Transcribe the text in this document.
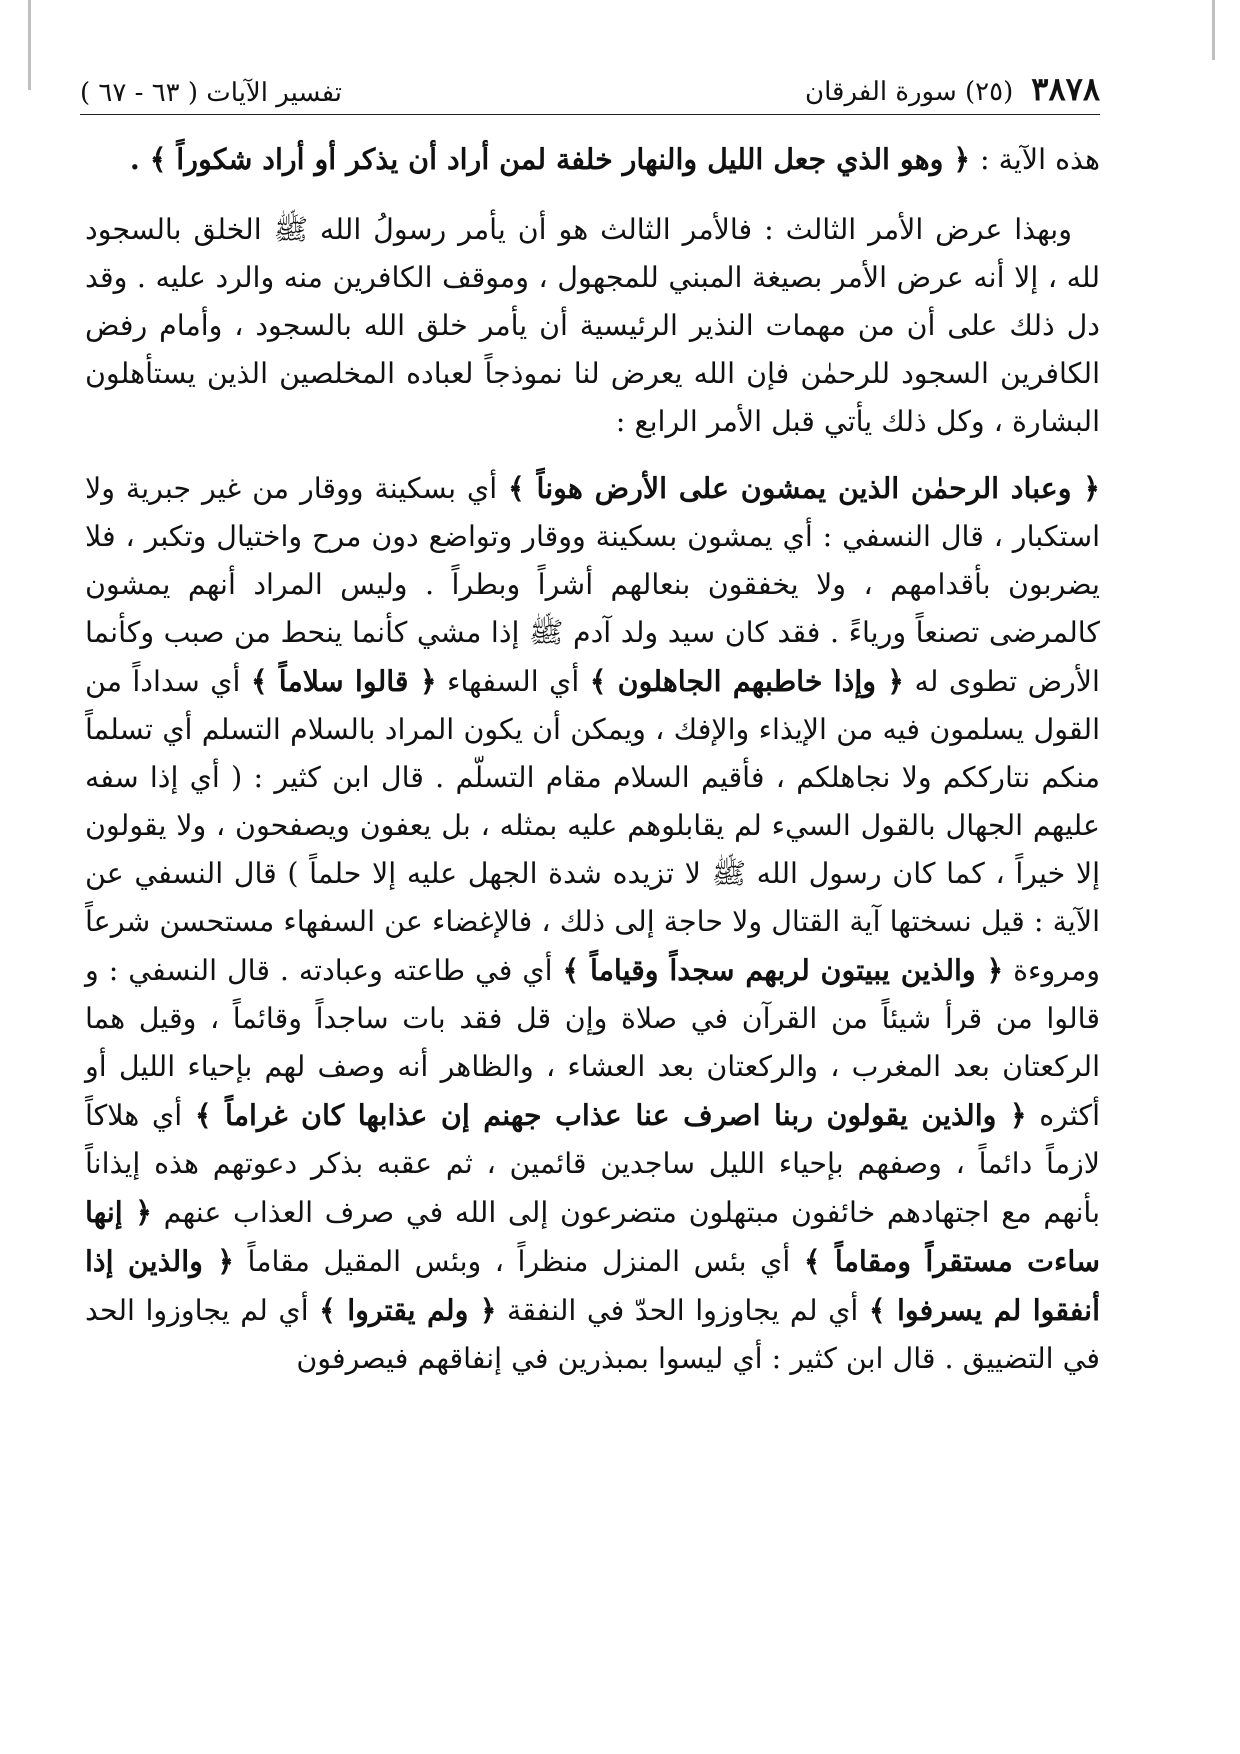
٣٨٧٨
(٢٥) سورة الفرقان
تفسير الآيات ( ٦٣ - ٦٧ )

هذه الآية : ﴿ وهو الذي جعل الليل والنهار خلفة لمن أراد أن يذكر أو أراد شكوراً ﴾ .

وبهذا عرض الأمر الثالث : فالأمر الثالث هو أن يأمر رسولُ الله ﷺ الخلق بالسجود لله ، إلا أنه عرض الأمر بصيغة المبني للمجهول ، وموقف الكافرين منه والرد عليه . وقد دل ذلك على أن من مهمات النذير الرئيسية أن يأمر خلق الله بالسجود ، وأمام رفض الكافرين السجود للرحمٰن فإن الله يعرض لنا نموذجاً لعباده المخلصين الذين يستأهلون البشارة ، وكل ذلك يأتي قبل الأمر الرابع :

﴿ وعباد الرحمٰن الذين يمشون على الأرض هوناً ﴾ أي بسكينة ووقار من غير جبرية ولا استكبار ، قال النسفي : أي يمشون بسكينة ووقار وتواضع دون مرح واختيال وتكبر ، فلا يضربون بأقدامهم ، ولا يخفقون بنعالهم أشراً وبطراً . وليس المراد أنهم يمشون كالمرضى تصنعاً ورياءً . فقد كان سيد ولد آدم ﷺ إذا مشي كأنما ينحط من صبب وكأنما الأرض تطوى له ﴿ وإذا خاطبهم الجاهلون ﴾ أي السفهاء ﴿ قالوا سلاماً ﴾ أي سداداً من القول يسلمون فيه من الإيذاء والإفك ، ويمكن أن يكون المراد بالسلام التسلم أي تسلماً منكم نتارككم ولا نجاهلكم ، فأقيم السلام مقام التسلّم . قال ابن كثير : ( أي إذا سفه عليهم الجهال بالقول السيء لم يقابلوهم عليه بمثله ، بل يعفون ويصفحون ، ولا يقولون إلا خيراً ، كما كان رسول الله ﷺ لا تزيده شدة الجهل عليه إلا حلماً ) قال النسفي عن الآية : قيل نسختها آية القتال ولا حاجة إلى ذلك ، فالإغضاء عن السفهاء مستحسن شرعاً ومروءة ﴿ والذين يبيتون لربهم سجداً وقياماً ﴾ أي في طاعته وعبادته . قال النسفي : و قالوا من قرأ شيئاً من القرآن في صلاة وإن قل فقد بات ساجداً وقائماً ، وقيل هما الركعتان بعد المغرب ، والركعتان بعد العشاء ، والظاهر أنه وصف لهم بإحياء الليل أو أكثره ﴿ والذين يقولون ربنا اصرف عنا عذاب جهنم إن عذابها كان غراماً ﴾ أي هلاكاً لازماً دائماً ، وصفهم بإحياء الليل ساجدين قائمين ، ثم عقبه بذكر دعوتهم هذه إيذاناً بأنهم مع اجتهادهم خائفون مبتهلون متضرعون إلى الله في صرف العذاب عنهم ﴿ إنها ساءت مستقراً ومقاماً ﴾ أي بئس المنزل منظراً ، وبئس المقيل مقاماً ﴿ والذين إذا أنفقوا لم يسرفوا ﴾ أي لم يجاوزوا الحدّ في النفقة ﴿ ولم يقتروا ﴾ أي لم يجاوزوا الحد في التضييق . قال ابن كثير : أي ليسوا بمبذرين في إنفاقهم فيصرفون
